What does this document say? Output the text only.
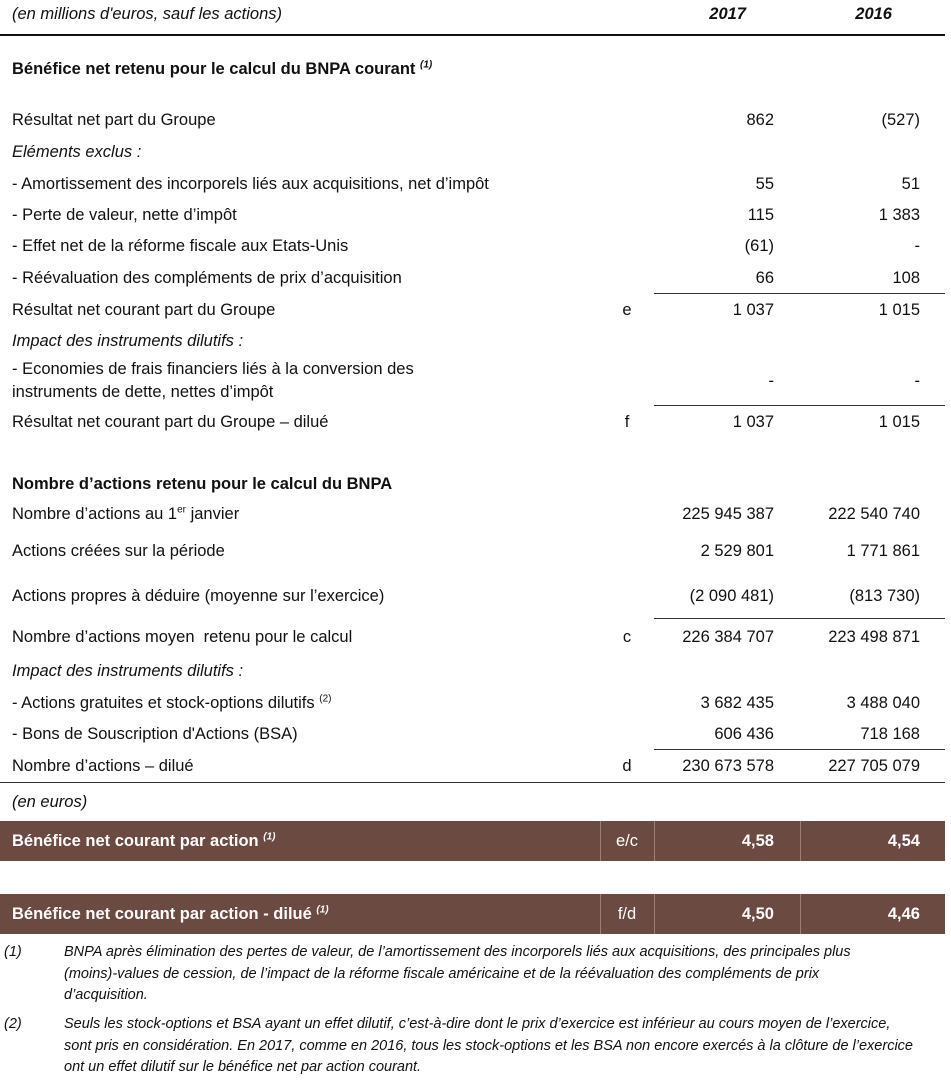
(en millions d'euros, sauf les actions)	2017	2016
Bénéfice net retenu pour le calcul du BNPA courant $^{(1)}$
Résultat net part du Groupe	862	(527)
Eléments exclus :
- Amortissement des incorporels liés aux acquisitions, net d’impôt	55	51
- Perte de valeur, nette d’impôt	115	1 383
- Effet net de la réforme fiscale aux Etats-Unis	(61)	-
- Réévaluation des compléments de prix d’acquisition	66	108
Résultat net courant part du Groupe	e	1 037	1 015
Impact des instruments dilutifs :
- Economies de frais financiers liés à la conversion des instruments de dette, nettes d’impôt
-	-
Résultat net courant part du Groupe – dilué	f	1 037	1 015
Nombre d’actions retenu pour le calcul du BNPA
Nombre d’actions au 1er janvier	225 945 387	222 540 740
Actions créées sur la période	2 529 801	1 771 861
Actions propres à déduire (moyenne sur l’exercice)	(2 090 481)	(813 730)
Nombre d’actions moyen  retenu pour le calcul	c	226 384 707	223 498 871
Impact des instruments dilutifs :
- Actions gratuites et stock-options dilutifs $^{(2)}$	3 682 435	3 488 040
- Bons de Souscription d'Actions (BSA)	606 436	718 168
Nombre d’actions – dilué	d	230 673 578	227 705 079
(en euros)
Bénéfice net courant par action $^{(1)}$	e/c	4,58	4,54
Bénéfice net courant par action - dilué $^{(1)}$	f/d	4,50	4,46
(1)	BNPA après élimination des pertes de valeur, de l’amortissement des incorporels liés aux acquisitions, des principales plus
(moins)-values de cession, de l’impact de la réforme fiscale américaine et de la réévaluation des compléments de prix
d’acquisition.
(2)	Seuls les stock-options et BSA ayant un effet dilutif, c’est-à-dire dont le prix d’exercice est inférieur au cours moyen de l’exercice,
sont pris en considération. En 2017, comme en 2016, tous les stock-options et les BSA non encore exercés à la clôture de l’exercice
ont un effet dilutif sur le bénéfice net par action courant.
